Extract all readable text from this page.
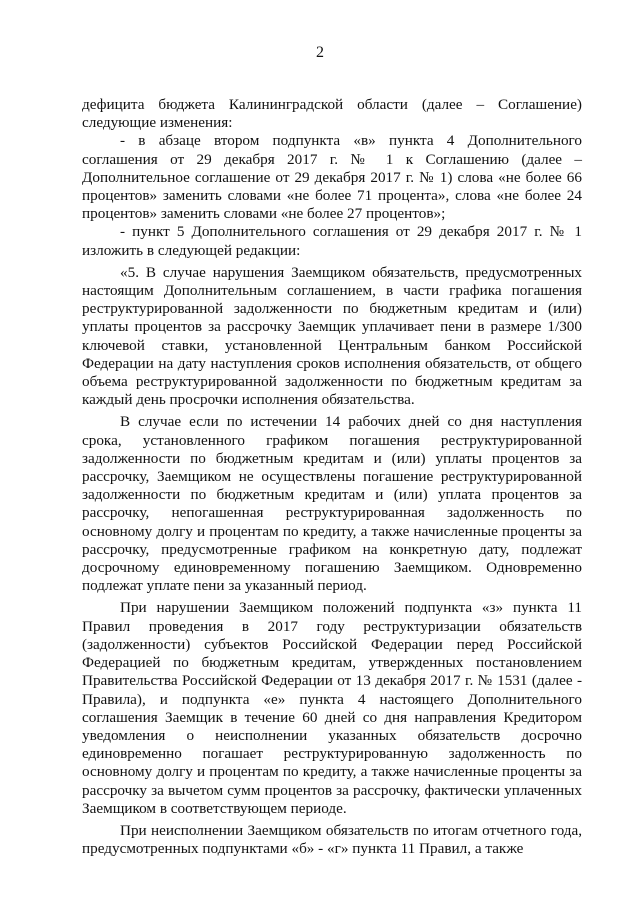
2

дефицита бюджета Калининградской области (далее – Соглашение) следующие изменения:

- в абзаце втором подпункта «в» пункта 4 Дополнительного соглашения от 29 декабря 2017 г. № 1 к Соглашению (далее – Дополнительное соглашение от 29 декабря 2017 г. № 1) слова «не более 66 процентов» заменить словами «не более 71 процента», слова «не более 24 процентов» заменить словами «не более 27 процентов»;

- пункт 5 Дополнительного соглашения от 29 декабря 2017 г. № 1 изложить в следующей редакции:

«5. В случае нарушения Заемщиком обязательств, предусмотренных настоящим Дополнительным соглашением, в части графика погашения реструктурированной задолженности по бюджетным кредитам и (или) уплаты процентов за рассрочку Заемщик уплачивает пени в размере 1/300 ключевой ставки, установленной Центральным банком Российской Федерации на дату наступления сроков исполнения обязательств, от общего объема реструктурированной задолженности по бюджетным кредитам за каждый день просрочки исполнения обязательства.

В случае если по истечении 14 рабочих дней со дня наступления срока, установленного графиком погашения реструктурированной задолженности по бюджетным кредитам и (или) уплаты процентов за рассрочку, Заемщиком не осуществлены погашение реструктурированной задолженности по бюджетным кредитам и (или) уплата процентов за рассрочку, непогашенная реструктурированная задолженность по основному долгу и процентам по кредиту, а также начисленные проценты за рассрочку, предусмотренные графиком на конкретную дату, подлежат досрочному единовременному погашению Заемщиком. Одновременно подлежат уплате пени за указанный период.

При нарушении Заемщиком положений подпункта «з» пункта 11 Правил проведения в 2017 году реструктуризации обязательств (задолженности) субъектов Российской Федерации перед Российской Федерацией по бюджетным кредитам, утвержденных постановлением Правительства Российской Федерации от 13 декабря 2017 г. № 1531 (далее - Правила), и подпункта «е» пункта 4 настоящего Дополнительного соглашения Заемщик в течение 60 дней со дня направления Кредитором уведомления о неисполнении указанных обязательств досрочно единовременно погашает реструктурированную задолженность по основному долгу и процентам по кредиту, а также начисленные проценты за рассрочку за вычетом сумм процентов за рассрочку, фактически уплаченных Заемщиком в соответствующем периоде.

При неисполнении Заемщиком обязательств по итогам отчетного года, предусмотренных подпунктами «б» - «г» пункта 11 Правил, а также
